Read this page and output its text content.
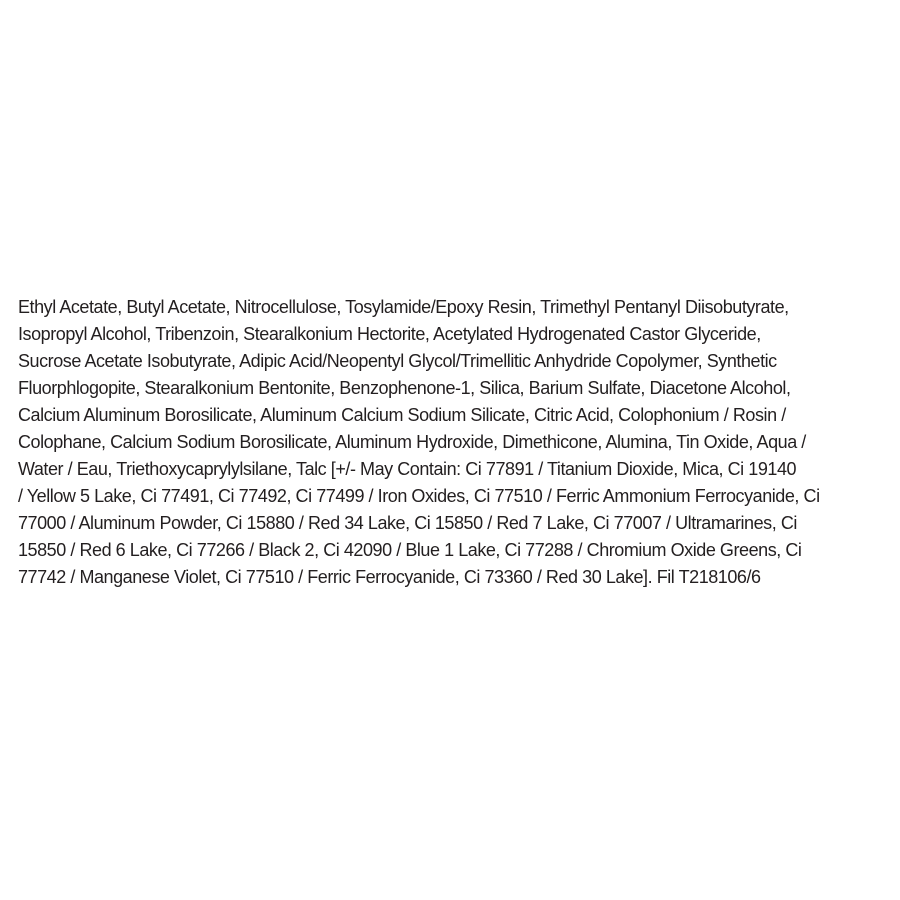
Ethyl Acetate, Butyl Acetate, Nitrocellulose, Tosylamide/Epoxy Resin, Trimethyl Pentanyl Diisobutyrate,
Isopropyl Alcohol, Tribenzoin, Stearalkonium Hectorite, Acetylated Hydrogenated Castor Glyceride,
Sucrose Acetate Isobutyrate, Adipic Acid/Neopentyl Glycol/Trimellitic Anhydride Copolymer, Synthetic
Fluorphlogopite, Stearalkonium Bentonite, Benzophenone-1, Silica, Barium Sulfate, Diacetone Alcohol,
Calcium Aluminum Borosilicate, Aluminum Calcium Sodium Silicate, Citric Acid, Colophonium / Rosin /
Colophane, Calcium Sodium Borosilicate, Aluminum Hydroxide, Dimethicone, Alumina, Tin Oxide, Aqua /
Water / Eau, Triethoxycaprylylsilane, Talc [+/- May Contain: Ci 77891 / Titanium Dioxide, Mica, Ci 19140
/ Yellow 5 Lake, Ci 77491, Ci 77492, Ci 77499 / Iron Oxides, Ci 77510 / Ferric Ammonium Ferrocyanide, Ci
77000 / Aluminum Powder, Ci 15880 / Red 34 Lake, Ci 15850 / Red 7 Lake, Ci 77007 / Ultramarines, Ci
15850 / Red 6 Lake, Ci 77266 / Black 2, Ci 42090 / Blue 1 Lake, Ci 77288 / Chromium Oxide Greens, Ci
77742 / Manganese Violet, Ci 77510 / Ferric Ferrocyanide, Ci 73360 / Red 30 Lake]. Fil T218106/6
